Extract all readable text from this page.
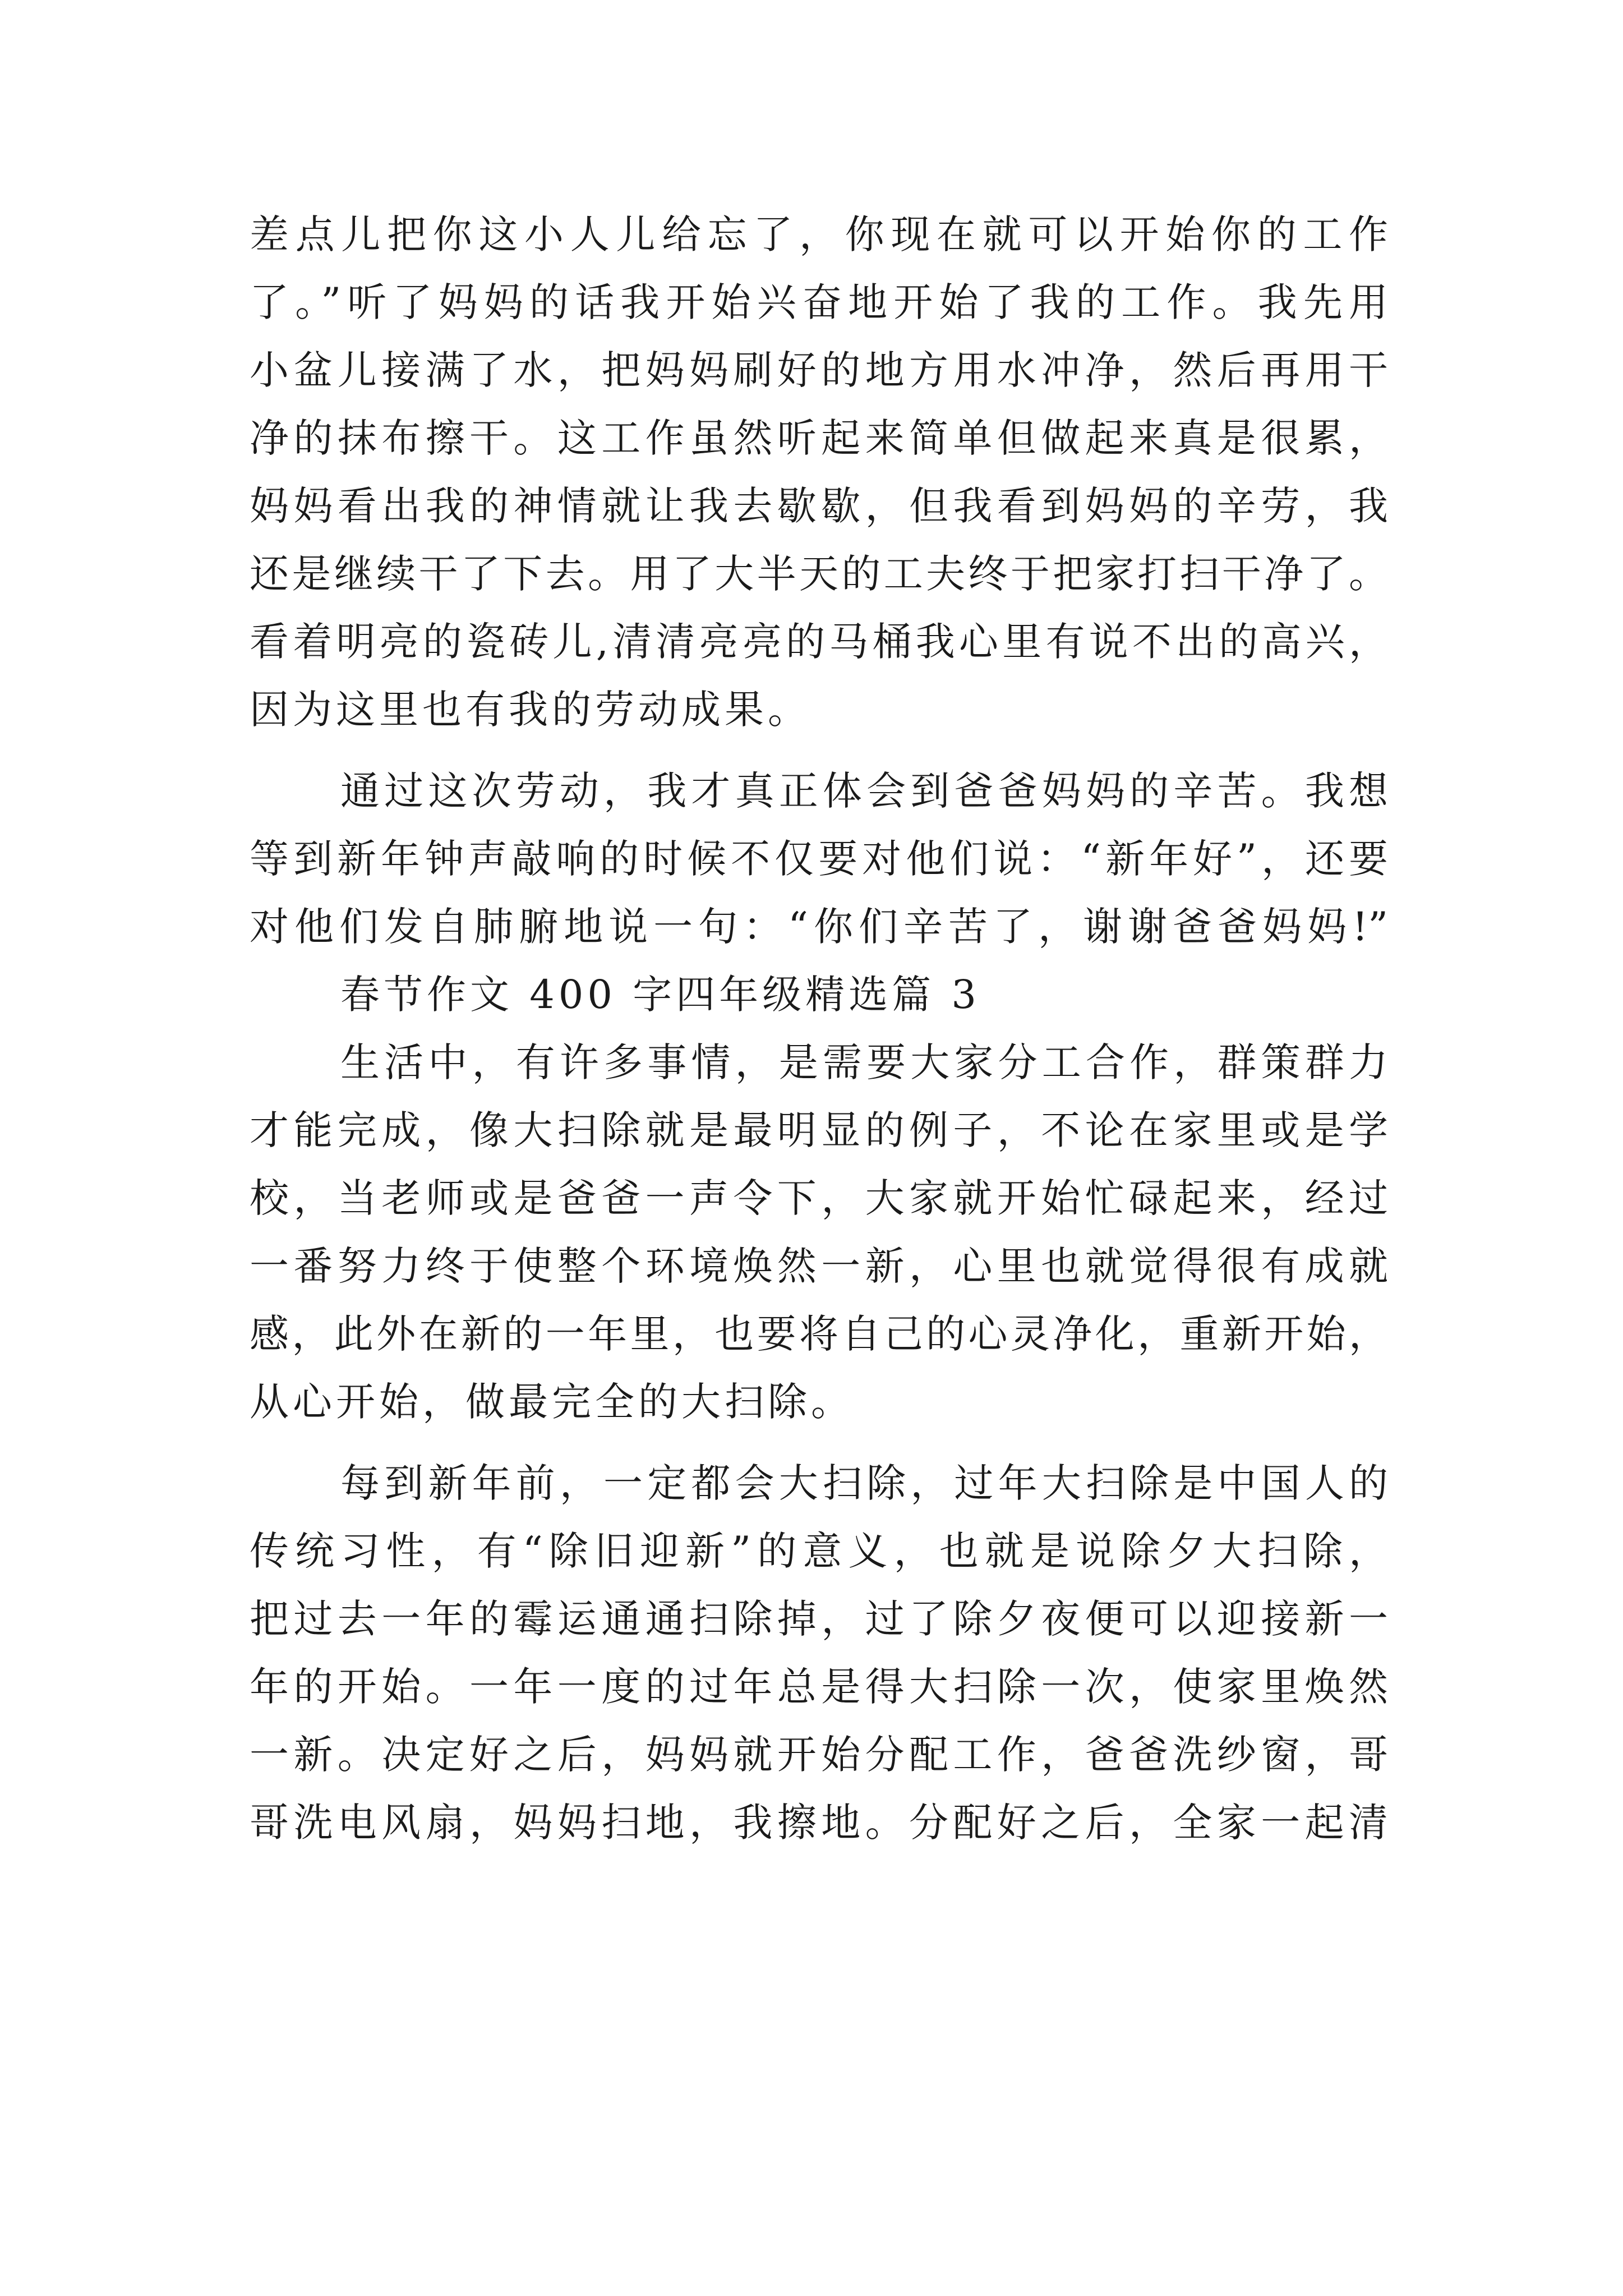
差点儿把你这小人儿给忘了，你现在就可以开始你的工作
了。”听了妈妈的话我开始兴奋地开始了我的工作。我先用
小盆儿接满了水，把妈妈刷好的地方用水冲净，然后再用干
净的抹布擦干。这工作虽然听起来简单但做起来真是很累，
妈妈看出我的神情就让我去歇歇，但我看到妈妈的辛劳，我
还是继续干了下去。用了大半天的工夫终于把家打扫干净了。
看着明亮的瓷砖儿,清清亮亮的马桶我心里有说不出的高兴，
因为这里也有我的劳动成果。
通过这次劳动，我才真正体会到爸爸妈妈的辛苦。我想
等到新年钟声敲响的时候不仅要对他们说：“新年好”，还要
对他们发自肺腑地说一句：“你们辛苦了，谢谢爸爸妈妈!”
春节作文 400 字四年级精选篇 3
生活中，有许多事情，是需要大家分工合作，群策群力
才能完成，像大扫除就是最明显的例子，不论在家里或是学
校，当老师或是爸爸一声令下，大家就开始忙碌起来，经过
一番努力终于使整个环境焕然一新，心里也就觉得很有成就
感，此外在新的一年里，也要将自己的心灵净化，重新开始，
从心开始，做最完全的大扫除。
每到新年前，一定都会大扫除，过年大扫除是中国人的
传统习性，有“除旧迎新”的意义，也就是说除夕大扫除，
把过去一年的霉运通通扫除掉，过了除夕夜便可以迎接新一
年的开始。一年一度的过年总是得大扫除一次，使家里焕然
一新。决定好之后，妈妈就开始分配工作，爸爸洗纱窗，哥
哥洗电风扇，妈妈扫地，我擦地。分配好之后，全家一起清
